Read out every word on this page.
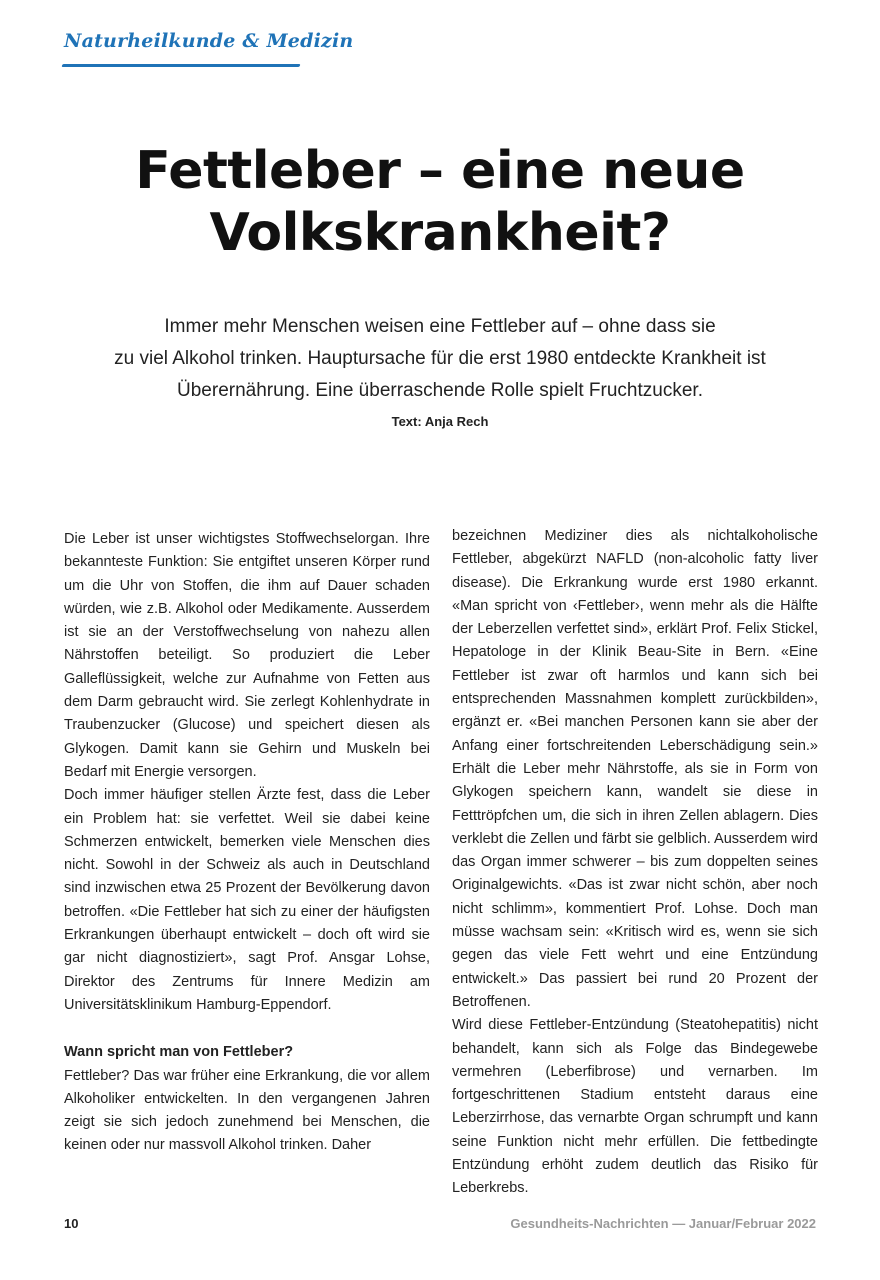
Naturheilkunde & Medizin
Fettleber – eine neue
Volkskrankheit?
Immer mehr Menschen weisen eine Fettleber auf – ohne dass sie
zu viel Alkohol trinken. Hauptursache für die erst 1980 entdeckte Krankheit ist
Überernährung. Eine überraschende Rolle spielt Fruchtzucker.
Text: Anja Rech

Die Leber ist unser wichtigstes Stoffwechselorgan. Ihre bekannteste Funktion: Sie entgiftet unseren Körper rund um die Uhr von Stoffen, die ihm auf Dauer schaden würden, wie z.B. Alkohol oder Medikamente. Ausserdem ist sie an der Verstoffwechselung von nahezu allen Nährstoffen beteiligt. So produziert die Leber Galleflüssigkeit, welche zur Aufnahme von Fetten aus dem Darm gebraucht wird. Sie zerlegt Kohlenhydrate in Traubenzucker (Glucose) und speichert diesen als Glykogen. Damit kann sie Gehirn und Muskeln bei Bedarf mit Energie versorgen.

Doch immer häufiger stellen Ärzte fest, dass die Leber ein Problem hat: sie verfettet. Weil sie dabei keine Schmerzen entwickelt, bemerken viele Menschen dies nicht. Sowohl in der Schweiz als auch in Deutschland sind inzwischen etwa 25 Prozent der Bevölkerung davon betroffen. «Die Fettleber hat sich zu einer der häufigsten Erkrankungen überhaupt entwickelt – doch oft wird sie gar nicht diagnostiziert», sagt Prof. Ansgar Lohse, Direktor des Zentrums für Innere Medizin am Universitätsklinikum Hamburg-Eppendorf.

Wann spricht man von Fettleber?

Fettleber? Das war früher eine Erkrankung, die vor allem Alkoholiker entwickelten. In den vergangenen Jahren zeigt sie sich jedoch zunehmend bei Menschen, die keinen oder nur massvoll Alkohol trinken. Daher

bezeichnen Mediziner dies als nichtalkoholische Fettleber, abgekürzt NAFLD (non-alcoholic fatty liver disease). Die Erkrankung wurde erst 1980 erkannt. «Man spricht von ‹Fettleber›, wenn mehr als die Hälfte der Leberzellen verfettet sind», erklärt Prof. Felix Stickel, Hepatologe in der Klinik Beau-Site in Bern. «Eine Fettleber ist zwar oft harmlos und kann sich bei entsprechenden Massnahmen komplett zurückbilden», ergänzt er. «Bei manchen Personen kann sie aber der Anfang einer fortschreitenden Leberschädigung sein.» Erhält die Leber mehr Nährstoffe, als sie in Form von Glykogen speichern kann, wandelt sie diese in Fetttröpfchen um, die sich in ihren Zellen ablagern. Dies verklebt die Zellen und färbt sie gelblich. Ausserdem wird das Organ immer schwerer – bis zum doppelten seines Originalgewichts. «Das ist zwar nicht schön, aber noch nicht schlimm», kommentiert Prof. Lohse. Doch man müsse wachsam sein: «Kritisch wird es, wenn sie sich gegen das viele Fett wehrt und eine Entzündung entwickelt.» Das passiert bei rund 20 Prozent der Betroffenen.

Wird diese Fettleber-Entzündung (Steatohepatitis) nicht behandelt, kann sich als Folge das Bindegewebe vermehren (Leberfibrose) und vernarben. Im fortgeschrittenen Stadium entsteht daraus eine Leberzirrhose, das vernarbte Organ schrumpft und kann seine Funktion nicht mehr erfüllen. Die fettbedingte Entzündung erhöht zudem deutlich das Risiko für Leberkrebs.

10	Gesundheits-Nachrichten — Januar/Februar 2022
